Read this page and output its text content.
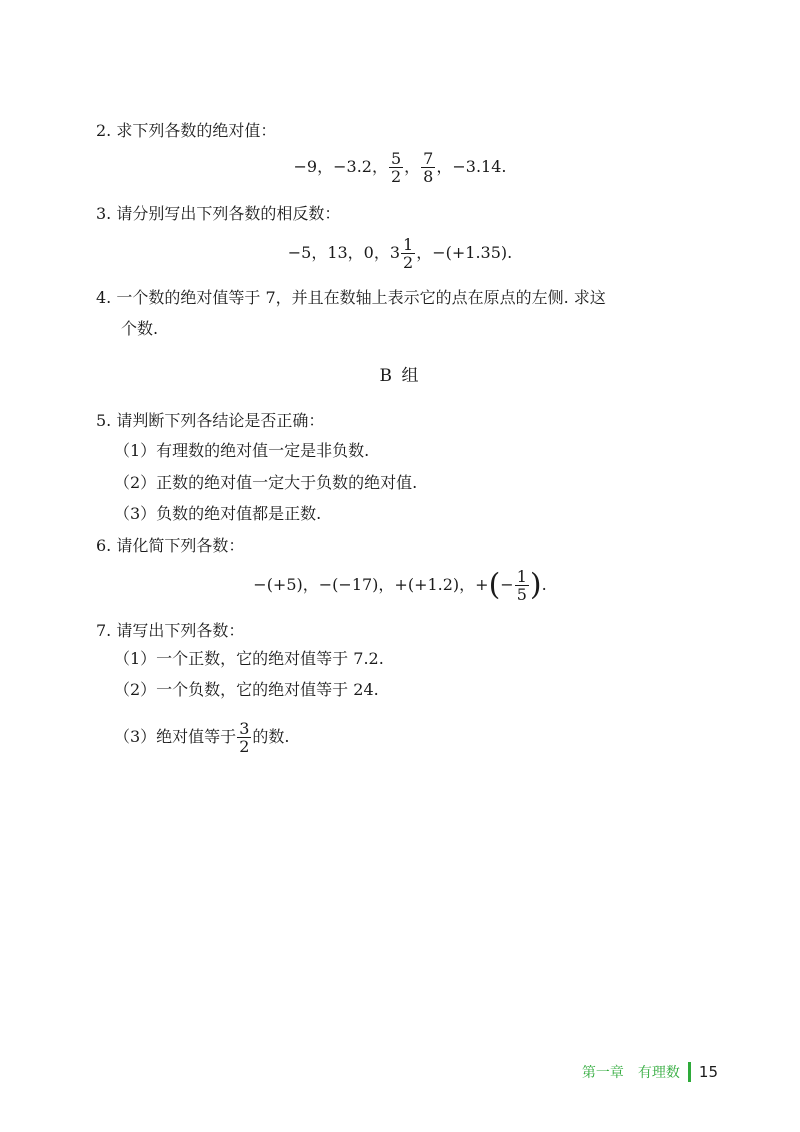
2. 求下列各数的绝对值：
−9，−3.2， $\frac{5}{2}$ ， $\frac{7}{8}$ ，−3.14.
3. 请分别写出下列各数的相反数：
−5，13，0，$3 \frac{1}{2}$ ，−(+1.35).
4. 一个数的绝对值等于 7，并且在数轴上表示它的点在原点的左侧. 求这
个数.
B 组
5. 请判断下列各结论是否正确：
（1）有理数的绝对值一定是非负数.
（2）正数的绝对值一定大于负数的绝对值.
（3）负数的绝对值都是正数.
6. 请化简下列各数：
−(+5)，−(−17)，+(+1.2)，+(− $\frac{1}{5}$ ).
7. 请写出下列各数：
（1）一个正数，它的绝对值等于 7.2.
（2）一个负数，它的绝对值等于 24.
（3）绝对值等于 $\frac{3}{2}$ 的数.
第一章　有理数 15
